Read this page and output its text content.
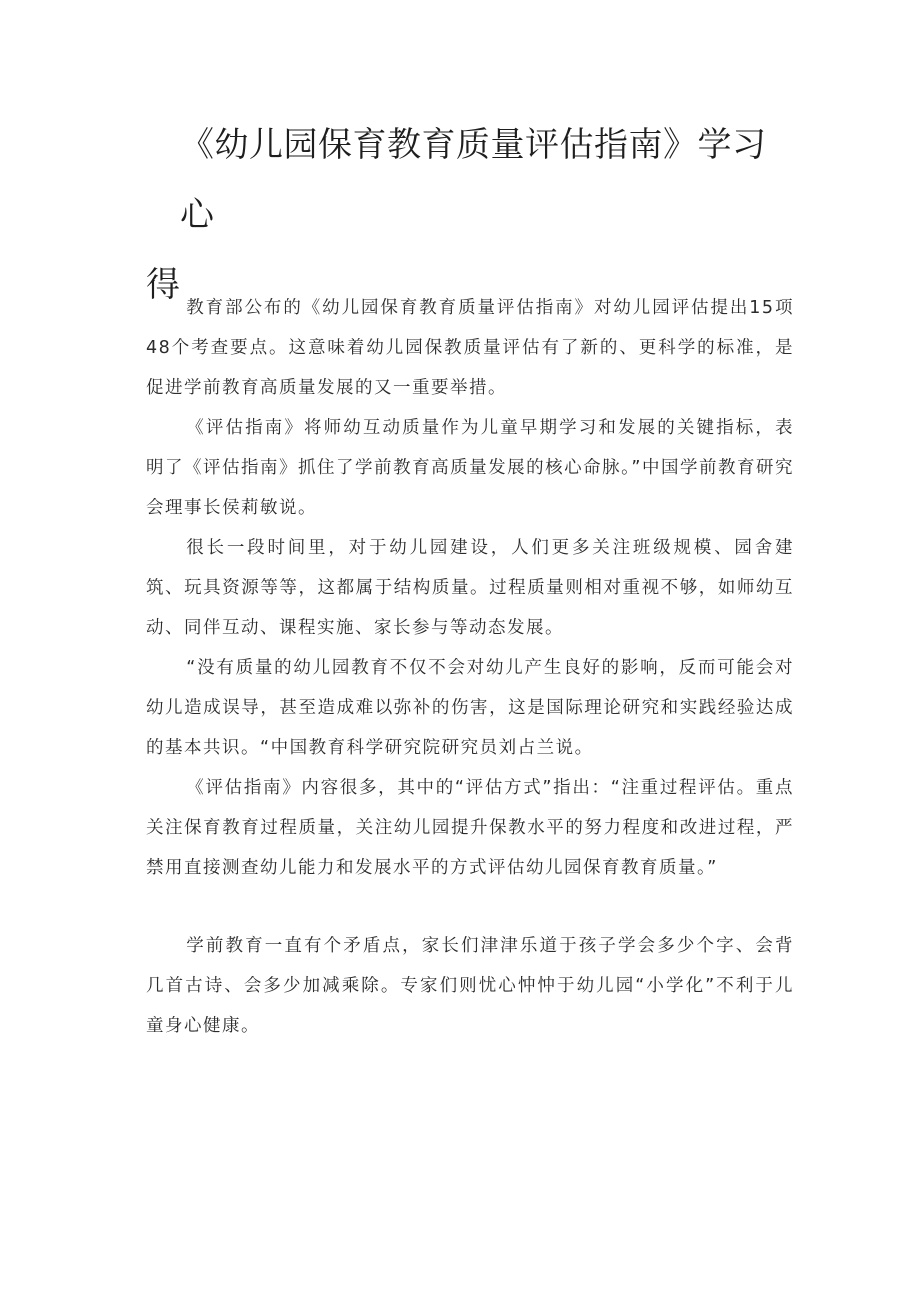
《幼儿园保育教育质量评估指南》学习心
得

教育部公布的《幼儿园保育教育质量评估指南》对幼儿园评估提出15项48个考查要点。这意味着幼儿园保教质量评估有了新的、更科学的标准，是促进学前教育高质量发展的又一重要举措。

《评估指南》将师幼互动质量作为儿童早期学习和发展的关键指标，表明了《评估指南》抓住了学前教育高质量发展的核心命脉。”中国学前教育研究会理事长侯莉敏说。

很长一段时间里，对于幼儿园建设，人们更多关注班级规模、园舍建筑、玩具资源等等，这都属于结构质量。过程质量则相对重视不够，如师幼互动、同伴互动、课程实施、家长参与等动态发展。

“没有质量的幼儿园教育不仅不会对幼儿产生良好的影响，反而可能会对幼儿造成误导，甚至造成难以弥补的伤害，这是国际理论研究和实践经验达成的基本共识。“中国教育科学研究院研究员刘占兰说。

《评估指南》内容很多，其中的“评估方式”指出：“注重过程评估。重点关注保育教育过程质量，关注幼儿园提升保教水平的努力程度和改进过程，严禁用直接测查幼儿能力和发展水平的方式评估幼儿园保育教育质量。”

学前教育一直有个矛盾点，家长们津津乐道于孩子学会多少个字、会背几首古诗、会多少加减乘除。专家们则忧心忡忡于幼儿园“小学化”不利于儿童身心健康。
